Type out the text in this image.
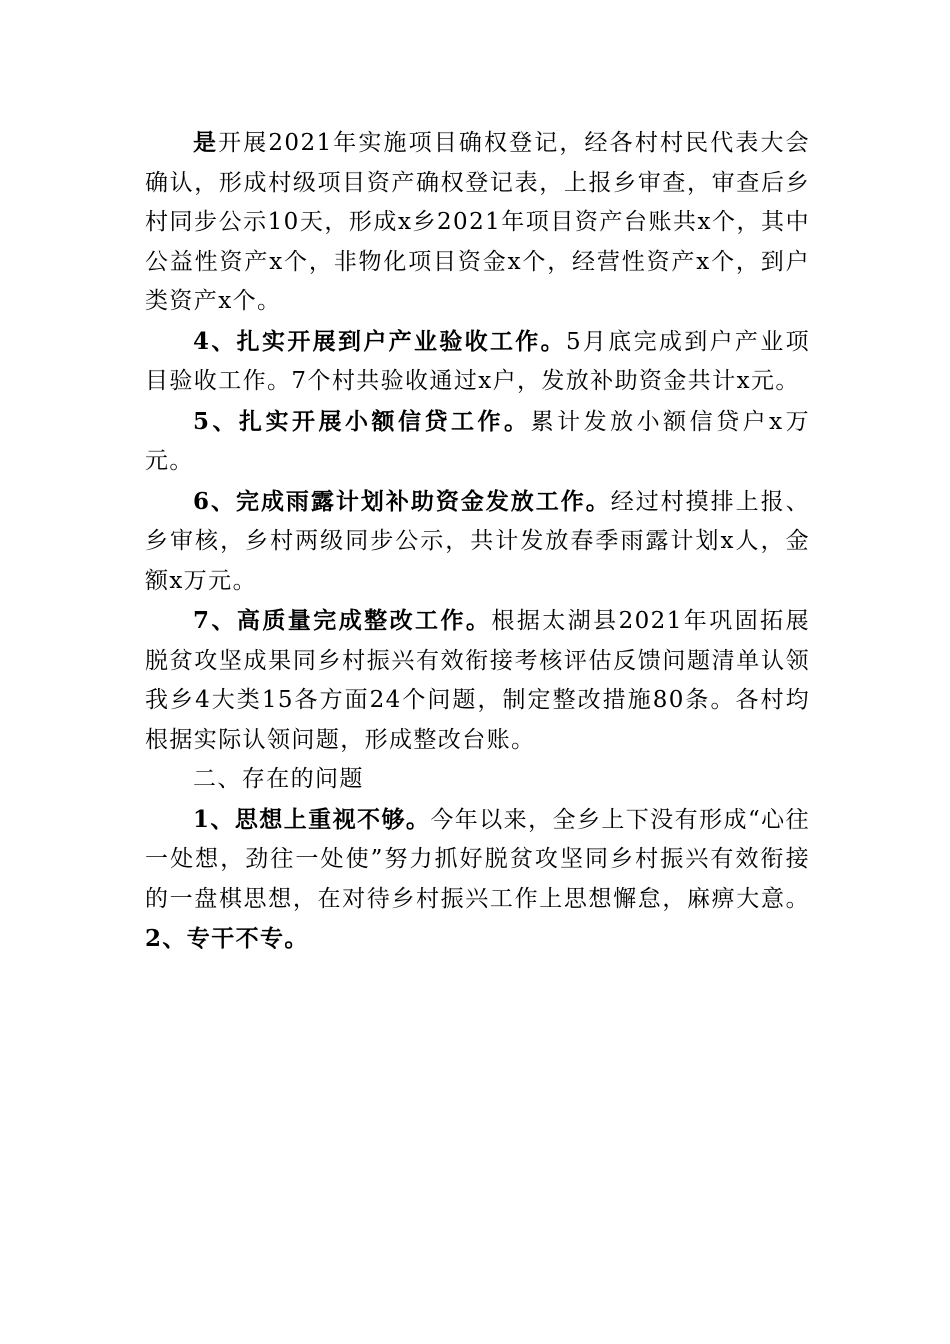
是开展2021年实施项目确权登记，经各村村民代表大会确认，形成村级项目资产确权登记表，上报乡审查，审查后乡村同步公示10天，形成x乡2021年项目资产台账共x个，其中公益性资产x个，非物化项目资金x个，经营性资产x个，到户类资产x个。

4、扎实开展到户产业验收工作。5月底完成到户产业项目验收工作。7个村共验收通过x户，发放补助资金共计x元。

5、扎实开展小额信贷工作。累计发放小额信贷户x万元。

6、完成雨露计划补助资金发放工作。经过村摸排上报、乡审核，乡村两级同步公示，共计发放春季雨露计划x人，金额x万元。

7、高质量完成整改工作。根据太湖县2021年巩固拓展脱贫攻坚成果同乡村振兴有效衔接考核评估反馈问题清单认领我乡4大类15各方面24个问题，制定整改措施80条。各村均根据实际认领问题，形成整改台账。

二、存在的问题

1、思想上重视不够。今年以来，全乡上下没有形成“心往一处想，劲往一处使”努力抓好脱贫攻坚同乡村振兴有效衔接的一盘棋思想，在对待乡村振兴工作上思想懈怠，麻痹大意。2、专干不专。
